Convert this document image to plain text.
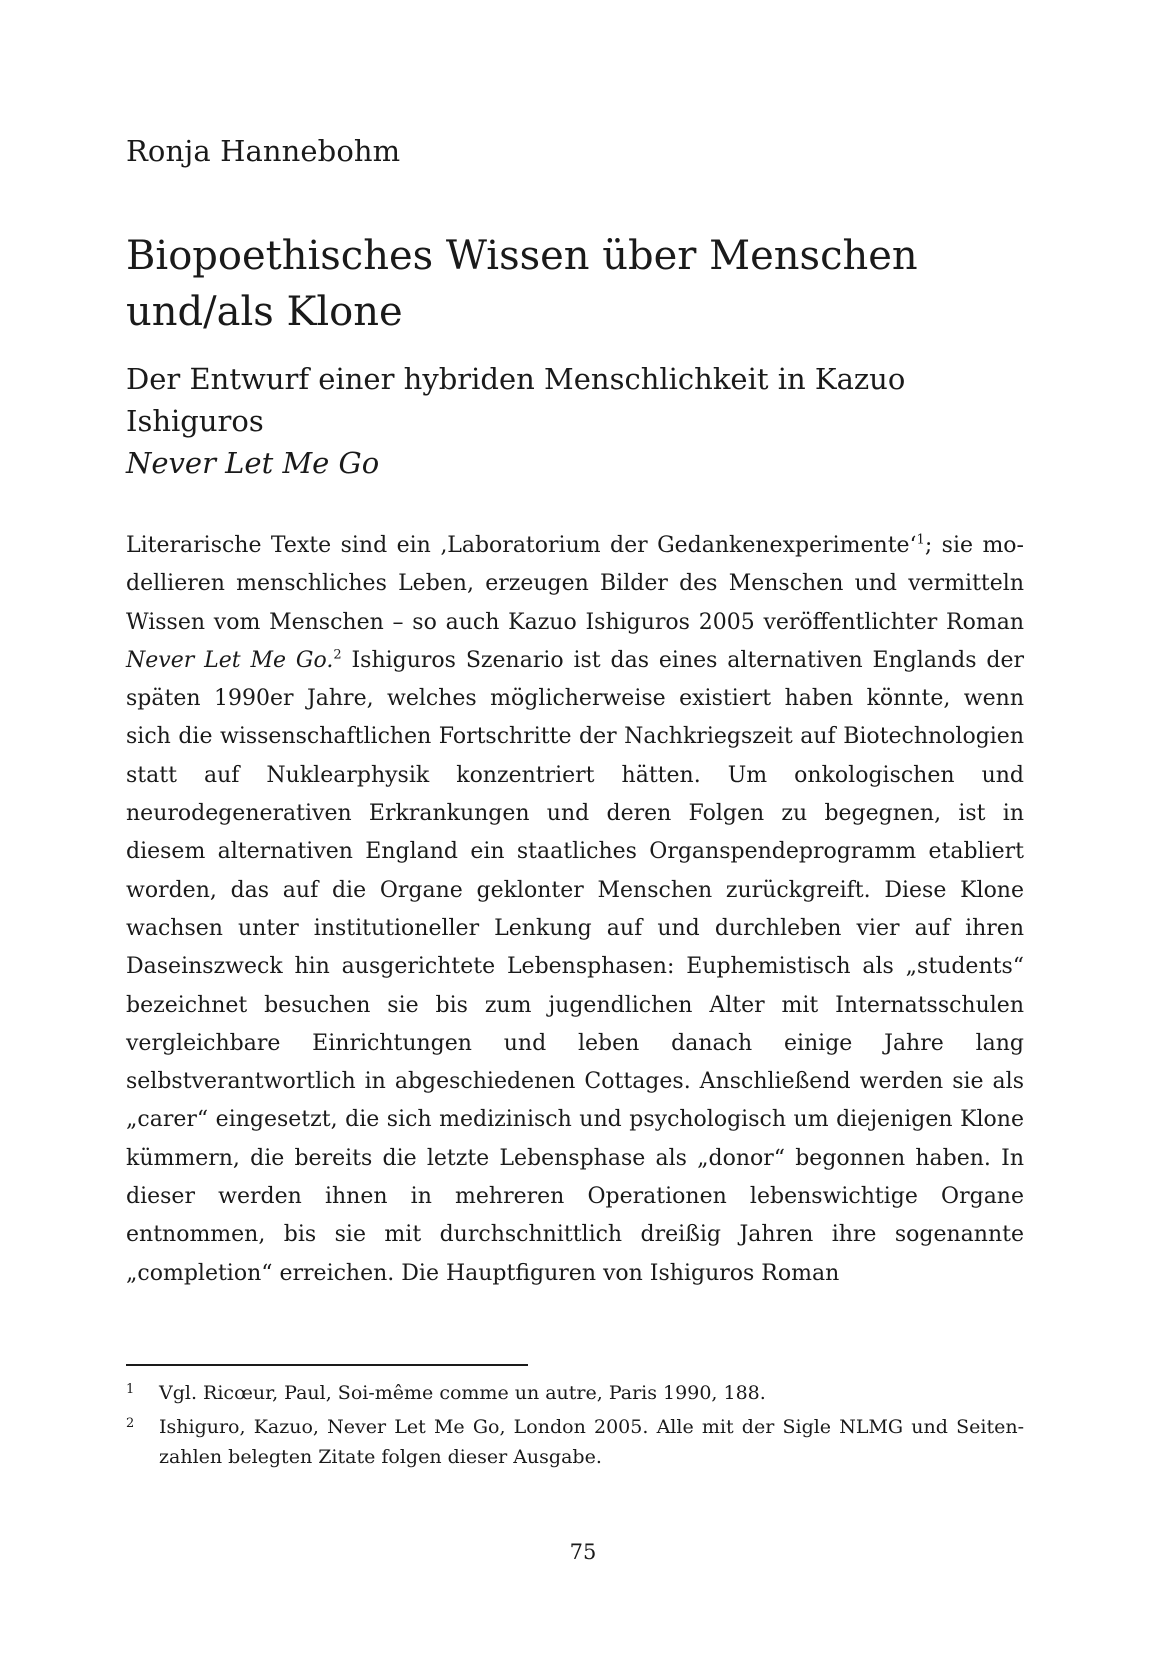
Ronja Hannebohm
Biopoethisches Wissen über Menschen und/als Klone
Der Entwurf einer hybriden Menschlichkeit in Kazuo Ishiguros
Never Let Me Go

Literarische Texte sind ein ‚Laboratorium der Gedankenexperimente‘$^1$; sie modellieren menschliches Leben, erzeugen Bilder des Menschen und vermitteln Wissen vom Menschen – so auch Kazuo Ishiguros 2005 veröffentlichter Roman Never Let Me Go.$^2$ Ishiguros Szenario ist das eines alternativen Englands der späten 1990er Jahre, welches möglicherweise existiert haben könnte, wenn sich die wissenschaftlichen Fortschritte der Nachkriegszeit auf Biotechnologien statt auf Nuklearphysik konzentriert hätten. Um onkologischen und neurodegenerativen Erkrankungen und deren Folgen zu begegnen, ist in diesem alternativen England ein staatliches Organspendeprogramm etabliert worden, das auf die Organe geklonter Menschen zurückgreift. Diese Klone wachsen unter institutioneller Lenkung auf und durchleben vier auf ihren Daseinszweck hin ausgerichtete Lebensphasen: Euphemistisch als „students“ bezeichnet besuchen sie bis zum jugendlichen Alter mit Internatsschulen vergleichbare Einrichtungen und leben danach einige Jahre lang selbstverantwortlich in abgeschiedenen Cottages. Anschließend werden sie als „carer“ eingesetzt, die sich medizinisch und psychologisch um diejenigen Klone kümmern, die bereits die letzte Lebensphase als „donor“ begonnen haben. In dieser werden ihnen in mehreren Operationen lebenswichtige Organe entnommen, bis sie mit durchschnittlich dreißig Jahren ihre sogenannte „completion“ erreichen. Die Hauptfiguren von Ishiguros Roman

1 Vgl. Ricœur, Paul, Soi-même comme un autre, Paris 1990, 188.

2 Ishiguro, Kazuo, Never Let Me Go, London 2005. Alle mit der Sigle NLMG und Seitenzahlen belegten Zitate folgen dieser Ausgabe.

75
